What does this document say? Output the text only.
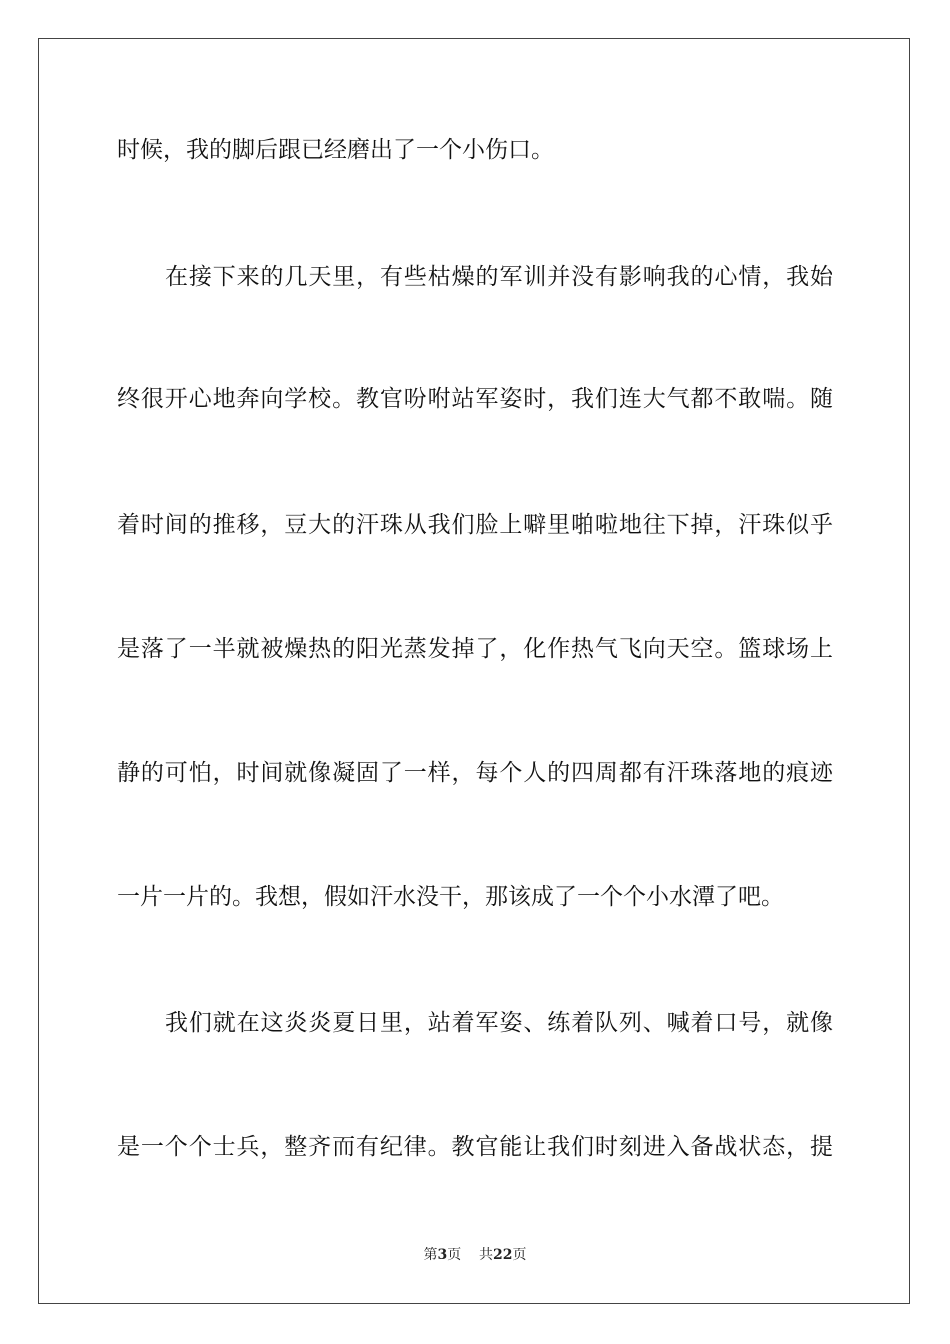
时候，我的脚后跟已经磨出了一个小伤口。
在接下来的几天里，有些枯燥的军训并没有影响我的心情，我始
终很开心地奔向学校。教官吩咐站军姿时，我们连大气都不敢喘。随
着时间的推移，豆大的汗珠从我们脸上噼里啪啦地往下掉，汗珠似乎
是落了一半就被燥热的阳光蒸发掉了，化作热气飞向天空。篮球场上
静的可怕，时间就像凝固了一样，每个人的四周都有汗珠落地的痕迹
一片一片的。我想，假如汗水没干，那该成了一个个小水潭了吧。
我们就在这炎炎夏日里，站着军姿、练着队列、喊着口号，就像
是一个个士兵，整齐而有纪律。教官能让我们时刻进入备战状态，提
第3页 共22页
